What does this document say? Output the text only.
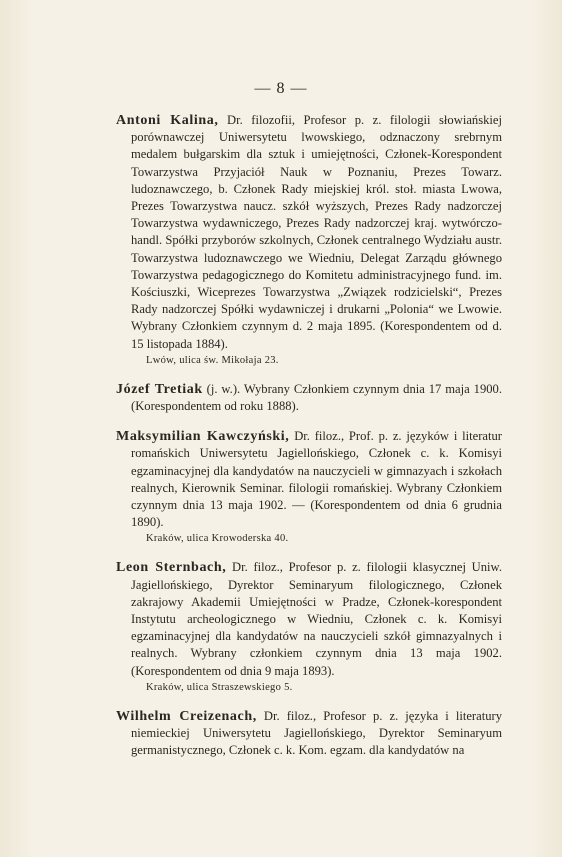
— 8 —

Antoni Kalina, Dr. filozofii, Profesor p. z. filologii słowiańskiej porównawczej Uniwersytetu lwowskiego, odznaczony srebrnym medalem bułgarskim dla sztuk i umiejętności, Członek-Korespondent Towarzystwa Przyjaciół Nauk w Poznaniu, Prezes Towarz. ludoznawczego, b. Członek Rady miejskiej król. stoł. miasta Lwowa, Prezes Towarzystwa naucz. szkół wyższych, Prezes Rady nadzorczej Towarzystwa wydawniczego, Prezes Rady nadzorczej kraj. wytwórczo-handl. Spółki przyborów szkolnych, Członek centralnego Wydziału austr. Towarzystwa ludoznawczego we Wiedniu, Delegat Zarządu głównego Towarzystwa pedagogicznego do Komitetu administracyjnego fund. im. Kościuszki, Wiceprezes Towarzystwa „Związek rodzicielski“, Prezes Rady nadzorczej Spółki wydawniczej i drukarni „Polonia“ we Lwowie. Wybrany Członkiem czynnym d. 2 maja 1895. (Korespondentem od d. 15 listopada 1884).

Lwów, ulica św. Mikołaja 23.

Józef Tretiak (j. w.). Wybrany Członkiem czynnym dnia 17 maja 1900. (Korespondentem od roku 1888).

Maksymilian Kawczyński, Dr. filoz., Prof. p. z. języków i literatur romańskich Uniwersytetu Jagiellońskiego, Członek c. k. Komisyi egzaminacyjnej dla kandydatów na nauczycieli w gimnazyach i szkołach realnych, Kierownik Seminar. filologii romańskiej. Wybrany Członkiem czynnym dnia 13 maja 1902. — (Korespondentem od dnia 6 grudnia 1890).

Kraków, ulica Krowoderska 40.

Leon Sternbach, Dr. filoz., Profesor p. z. filologii klasycznej Uniw. Jagiellońskiego, Dyrektor Seminaryum filologicznego, Członek zakrajowy Akademii Umiejętności w Pradze, Członek-korespondent Instytutu archeologicznego w Wiedniu, Członek c. k. Komisyi egzaminacyjnej dla kandydatów na nauczycieli szkół gimnazyalnych i realnych. Wybrany członkiem czynnym dnia 13 maja 1902. (Korespondentem od dnia 9 maja 1893).

Kraków, ulica Straszewskiego 5.

Wilhelm Creizenach, Dr. filoz., Profesor p. z. języka i literatury niemieckiej Uniwersytetu Jagiellońskiego, Dyrektor Seminaryum germanistycznego, Członek c. k. Kom. egzam. dla kandydatów na
